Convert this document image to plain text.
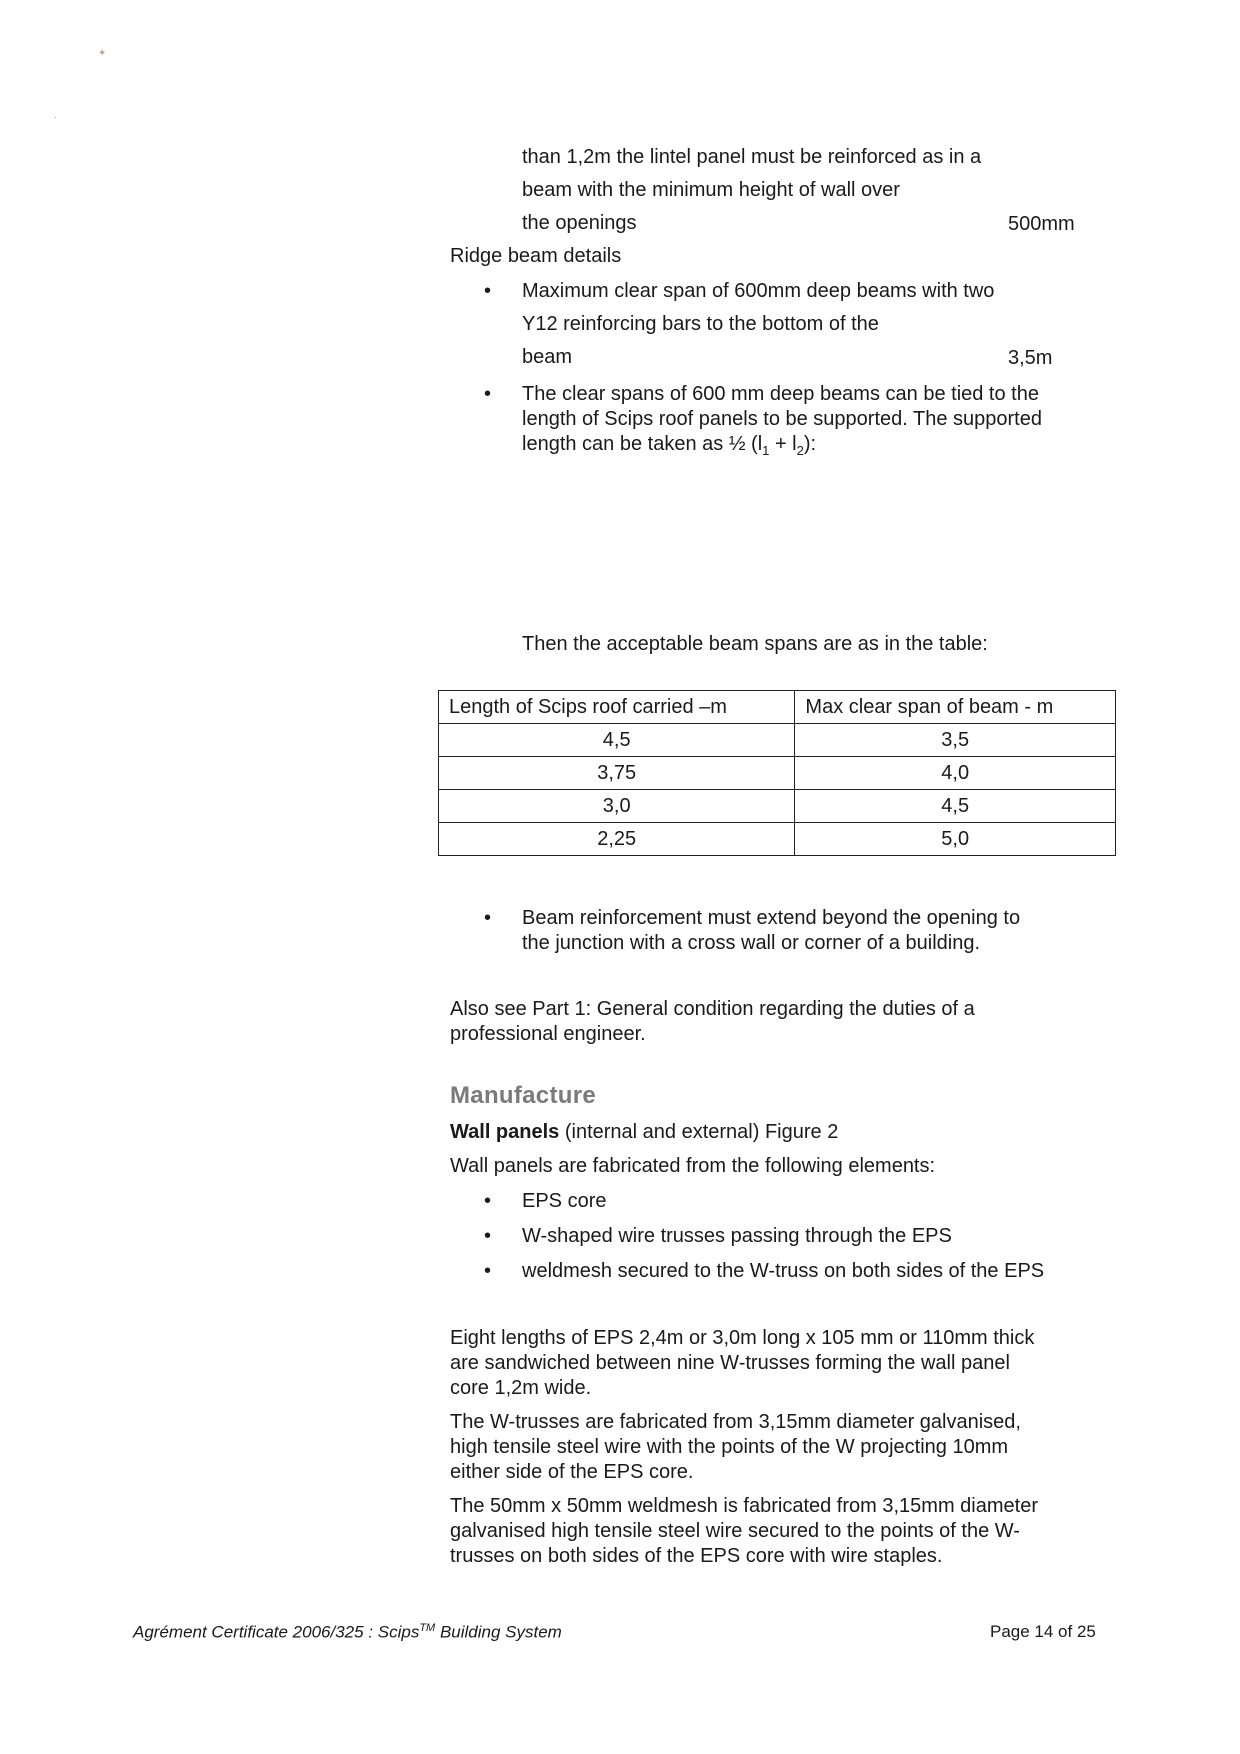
✦
·
than 1,2m the lintel panel must be reinforced as in a
beam with the minimum height of wall over
the openings	500mm
Ridge beam details
• Maximum clear span of 600mm deep beams with two
Y12 reinforcing bars to the bottom of the
beam	3,5m
• The clear spans of 600 mm deep beams can be tied to the
length of Scips roof panels to be supported. The supported
length can be taken as ½ $(l_1 + l_2)$:
Then the acceptable beam spans are as in the table:
Length of Scips roof carried –m	Max clear span of beam - m
4,5	3,5
3,75	4,0
3,0	4,5
2,25	5,0
• Beam reinforcement must extend beyond the opening to
the junction with a cross wall or corner of a building.
Also see Part 1: General condition regarding the duties of a
professional engineer.
Manufacture
Wall panels (internal and external) Figure 2
Wall panels are fabricated from the following elements:
• EPS core
• W-shaped wire trusses passing through the EPS
• weldmesh secured to the W-truss on both sides of the EPS
Eight lengths of EPS 2,4m or 3,0m long x 105 mm or 110mm thick
are sandwiched between nine W-trusses forming the wall panel
core 1,2m wide.
The W-trusses are fabricated from 3,15mm diameter galvanised,
high tensile steel wire with the points of the W projecting 10mm
either side of the EPS core.
The 50mm x 50mm weldmesh is fabricated from 3,15mm diameter
galvanised high tensile steel wire secured to the points of the W-
trusses on both sides of the EPS core with wire staples.
Agrément Certificate 2006/325 : Scips™ Building System	Page 14 of 25
